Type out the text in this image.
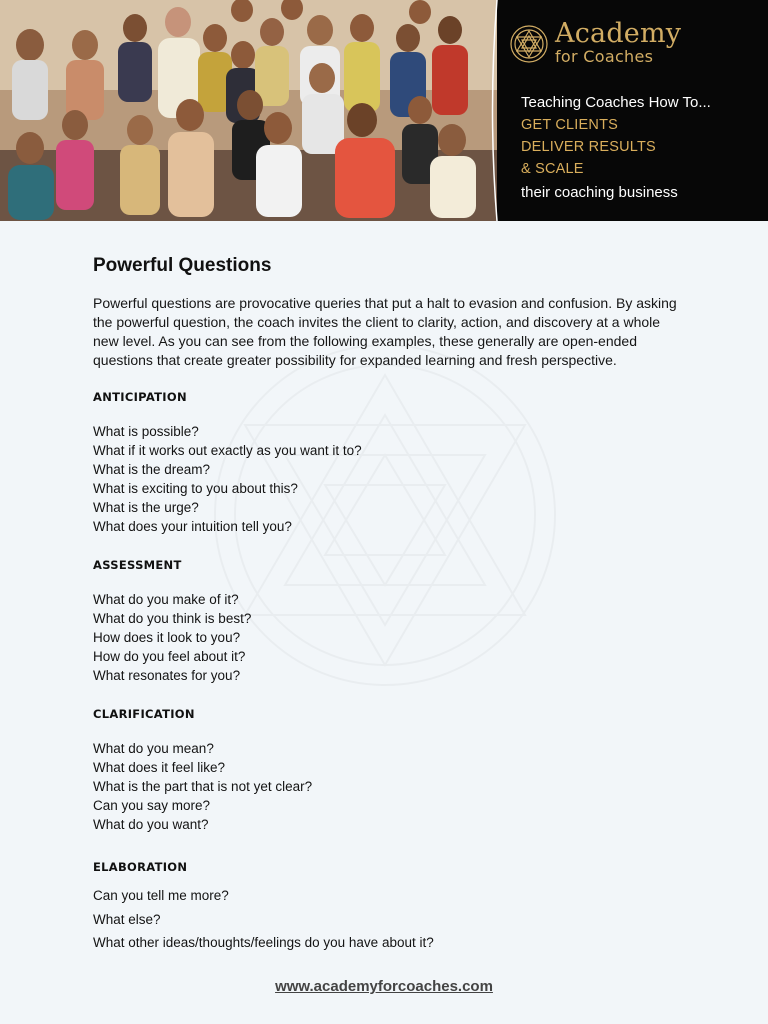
Academy
for Coaches
Teaching Coaches How To...
GET CLIENTS
DELIVER RESULTS
& SCALE
their coaching business
Powerful Questions
Powerful questions are provocative queries that put a halt to evasion and confusion. By asking the powerful question, the coach invites the client to clarity, action, and discovery at a whole new level. As you can see from the following examples, these generally are open-ended questions that create greater possibility for expanded learning and fresh perspective.
ANTICIPATION
What is possible?
What if it works out exactly as you want it to?
What is the dream?
What is exciting to you about this?
What is the urge?
What does your intuition tell you?
ASSESSMENT
What do you make of it?
What do you think is best?
How does it look to you?
How do you feel about it?
What resonates for you?
CLARIFICATION
What do you mean?
What does it feel like?
What is the part that is not yet clear?
Can you say more?
What do you want?
ELABORATION
Can you tell me more?
What else?
What other ideas/thoughts/feelings do you have about it?
www.academyforcoaches.com
